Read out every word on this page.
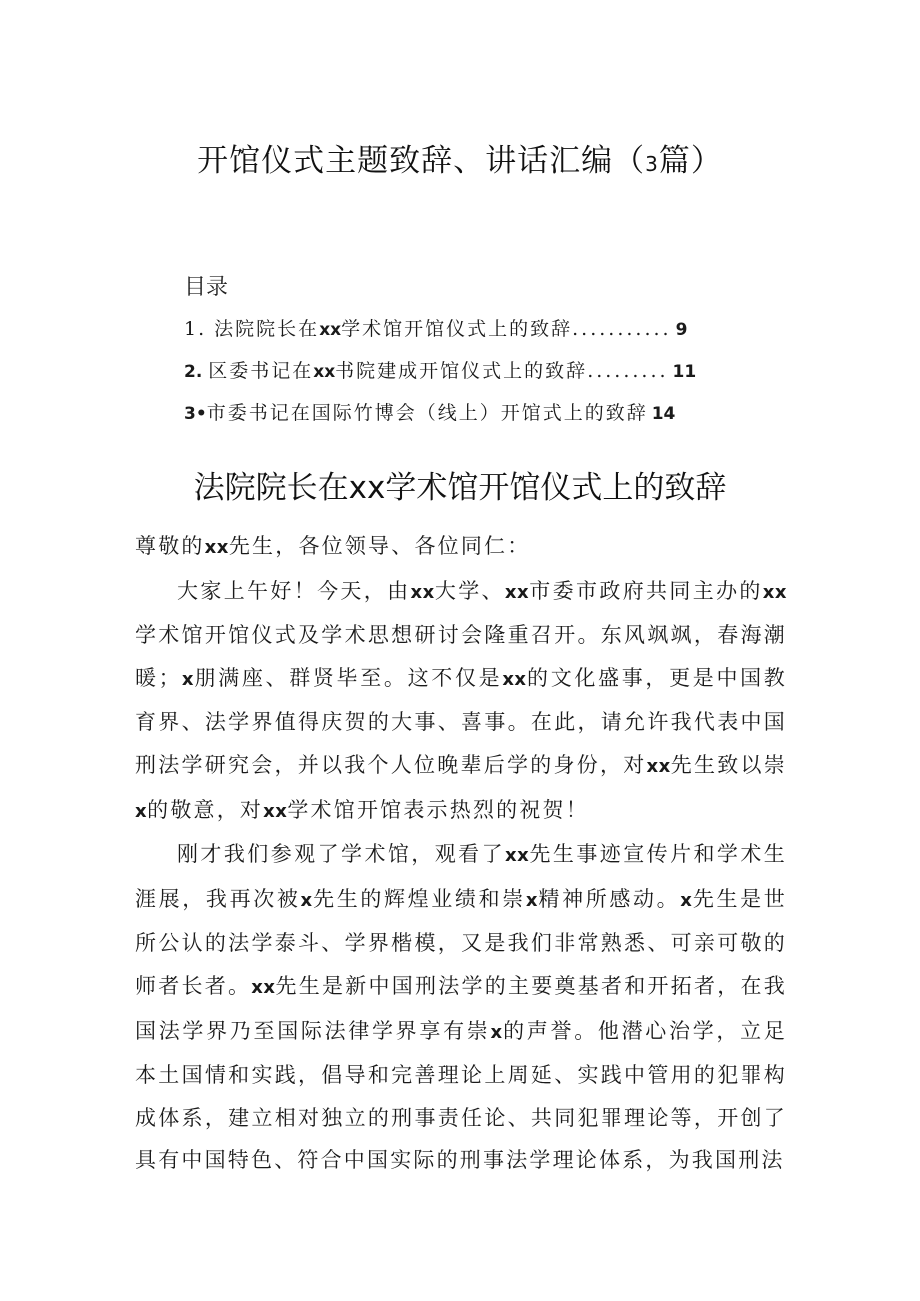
开馆仪式主题致辞、讲话汇编（3篇）
目录
1. 法院院长在xx学术馆开馆仪式上的致辞........... 9
2. 区委书记在xx书院建成开馆仪式上的致辞......... 11
3•市委书记在国际竹博会（线上）开馆式上的致辞 14
法院院长在xx学术馆开馆仪式上的致辞

尊敬的xx先生，各位领导、各位同仁：

大家上午好！今天，由xx大学、xx市委市政府共同主办的xx学术馆开馆仪式及学术思想研讨会隆重召开。东风飒飒，春海潮暖；x朋满座、群贤毕至。这不仅是xx的文化盛事，更是中国教育界、法学界值得庆贺的大事、喜事。在此，请允许我代表中国刑法学研究会，并以我个人位晚辈后学的身份，对xx先生致以崇x的敬意，对xx学术馆开馆表示热烈的祝贺！

刚才我们参观了学术馆，观看了xx先生事迹宣传片和学术生涯展，我再次被x先生的辉煌业绩和崇x精神所感动。x先生是世所公认的法学泰斗、学界楷模，又是我们非常熟悉、可亲可敬的师者长者。xx先生是新中国刑法学的主要奠基者和开拓者，在我国法学界乃至国际法律学界享有崇x的声誉。他潜心治学，立足本土国情和实践，倡导和完善理论上周延、实践中管用的犯罪构成体系，建立相对独立的刑事责任论、共同犯罪理论等，开创了具有中国特色、符合中国实际的刑事法学理论体系，为我国刑法
